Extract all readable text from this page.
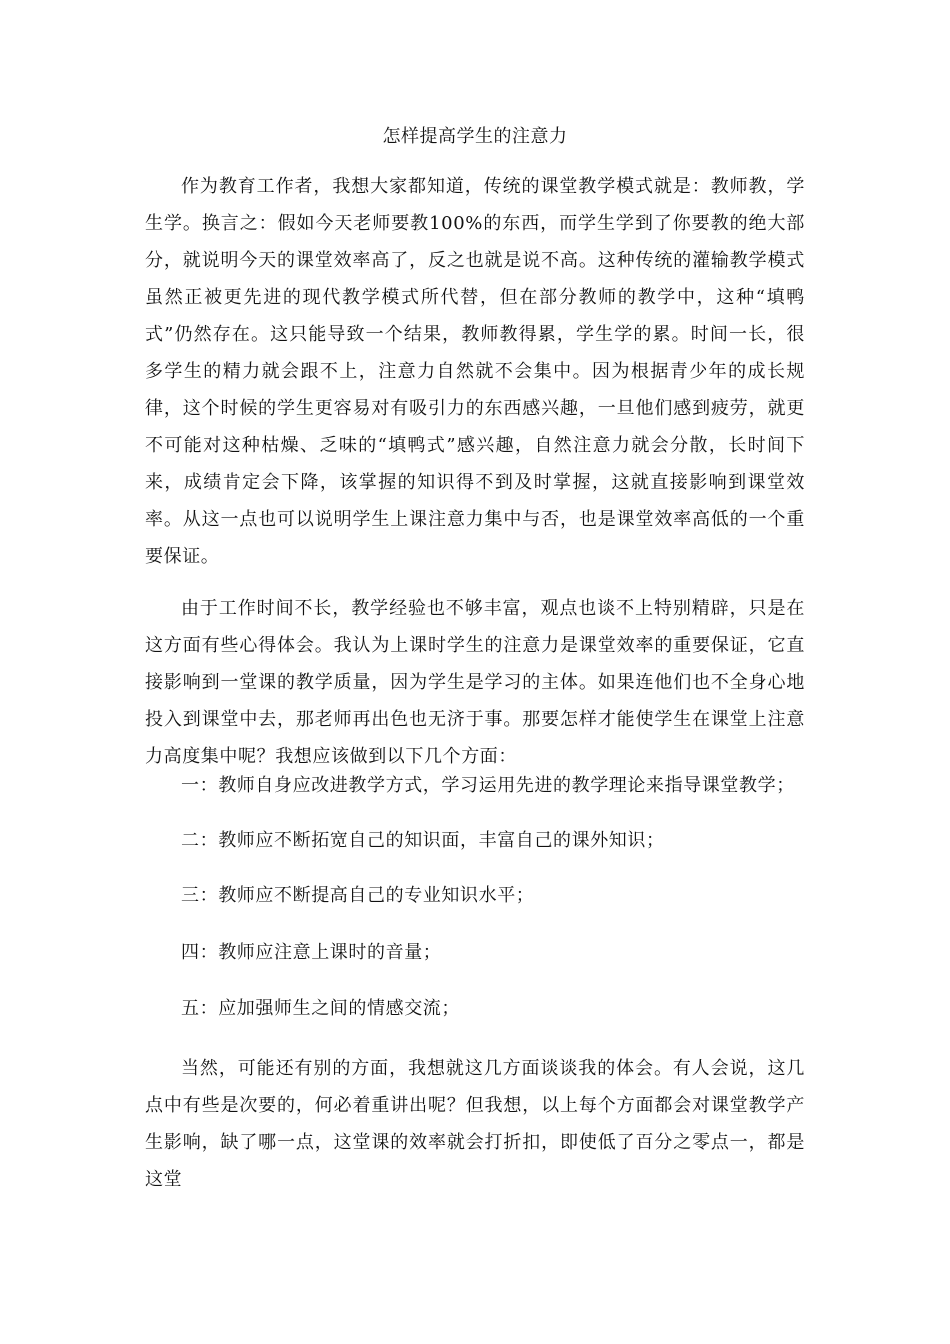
怎样提高学生的注意力

作为教育工作者，我想大家都知道，传统的课堂教学模式就是：教师教，学生学。换言之：假如今天老师要教100%的东西，而学生学到了你要教的绝大部分，就说明今天的课堂效率高了，反之也就是说不高。这种传统的灌输教学模式虽然正被更先进的现代教学模式所代替，但在部分教师的教学中，这种“填鸭式”仍然存在。这只能导致一个结果，教师教得累，学生学的累。时间一长，很多学生的精力就会跟不上，注意力自然就不会集中。因为根据青少年的成长规律，这个时候的学生更容易对有吸引力的东西感兴趣，一旦他们感到疲劳，就更不可能对这种枯燥、乏味的“填鸭式”感兴趣，自然注意力就会分散，长时间下来，成绩肯定会下降，该掌握的知识得不到及时掌握，这就直接影响到课堂效率。从这一点也可以说明学生上课注意力集中与否，也是课堂效率高低的一个重要保证。

由于工作时间不长，教学经验也不够丰富，观点也谈不上特别精辟，只是在这方面有些心得体会。我认为上课时学生的注意力是课堂效率的重要保证，它直接影响到一堂课的教学质量，因为学生是学习的主体。如果连他们也不全身心地投入到课堂中去，那老师再出色也无济于事。那要怎样才能使学生在课堂上注意力高度集中呢？我想应该做到以下几个方面：

一：教师自身应改进教学方式，学习运用先进的教学理论来指导课堂教学；

二：教师应不断拓宽自己的知识面，丰富自己的课外知识；

三：教师应不断提高自己的专业知识水平；

四：教师应注意上课时的音量；

五：应加强师生之间的情感交流；

当然，可能还有别的方面，我想就这几方面谈谈我的体会。有人会说，这几点中有些是次要的，何必着重讲出呢？但我想，以上每个方面都会对课堂教学产生影响，缺了哪一点，这堂课的效率就会打折扣，即使低了百分之零点一，都是这堂
